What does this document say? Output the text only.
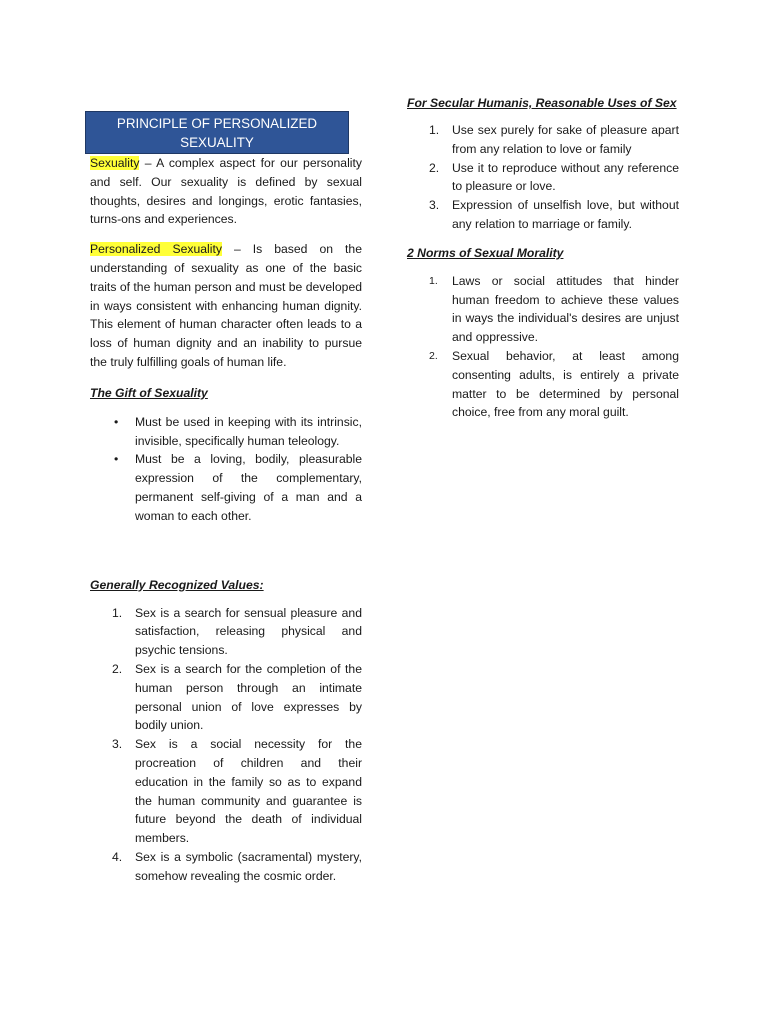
PRINCIPLE OF PERSONALIZED
SEXUALITY

Sexuality – A complex aspect for our personality and self. Our sexuality is defined by sexual thoughts, desires and longings, erotic fantasies, turns-ons and experiences.

Personalized Sexuality – Is based on the understanding of sexuality as one of the basic traits of the human person and must be developed in ways consistent with enhancing human dignity. This element of human character often leads to a loss of human dignity and an inability to pursue the truly fulfilling goals of human life.

The Gift of Sexuality

• Must be used in keeping with its intrinsic, invisible, specifically human teleology.
• Must be a loving, bodily, pleasurable expression of the complementary, permanent self-giving of a man and a woman to each other.

Generally Recognized Values:

1. Sex is a search for sensual pleasure and satisfaction, releasing physical and psychic tensions.
2. Sex is a search for the completion of the human person through an intimate personal union of love expresses by bodily union.
3. Sex is a social necessity for the procreation of children and their education in the family so as to expand the human community and guarantee is future beyond the death of individual members.
4. Sex is a symbolic (sacramental) mystery, somehow revealing the cosmic order.

For Secular Humanis, Reasonable Uses of Sex

1. Use sex purely for sake of pleasure apart from any relation to love or family
2. Use it to reproduce without any reference to pleasure or love.
3. Expression of unselfish love, but without any relation to marriage or family.

2 Norms of Sexual Morality

1. Laws or social attitudes that hinder human freedom to achieve these values in ways the individual's desires are unjust and oppressive.
2. Sexual behavior, at least among consenting adults, is entirely a private matter to be determined by personal choice, free from any moral guilt.
